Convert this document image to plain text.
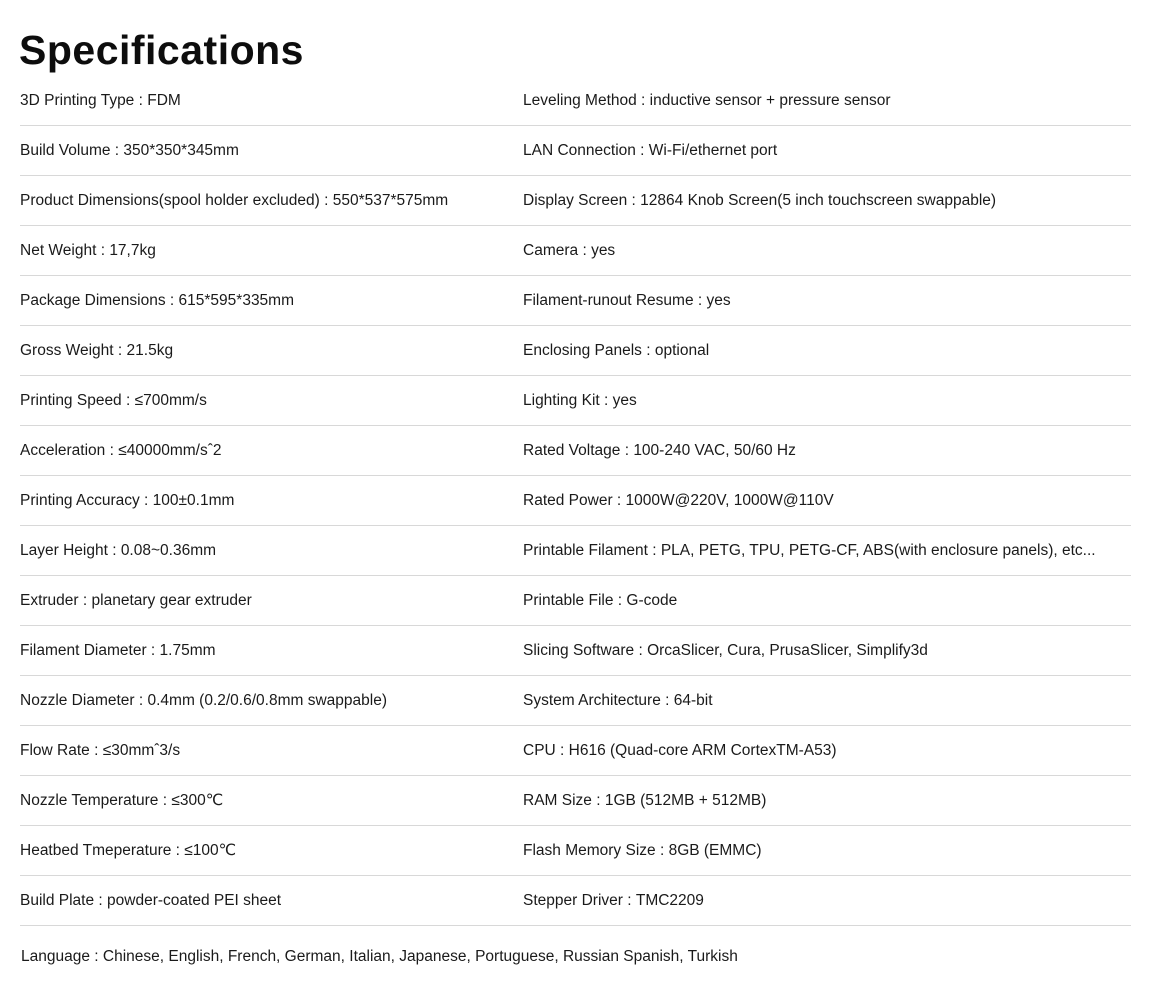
Specifications
3D Printing Type : FDM	Leveling Method : inductive sensor + pressure sensor
Build Volume : 350*350*345mm	LAN Connection : Wi-Fi/ethernet port
Product Dimensions(spool holder excluded) : 550*537*575mm	Display Screen : 12864 Knob Screen(5 inch touchscreen swappable)
Net Weight : 17,7kg	Camera : yes
Package Dimensions : 615*595*335mm	Filament-runout Resume : yes
Gross Weight : 21.5kg	Enclosing Panels : optional
Printing Speed : ≤700mm/s	Lighting Kit : yes
Acceleration : ≤40000mm/sˆ2	Rated Voltage : 100-240 VAC, 50/60 Hz
Printing Accuracy : 100±0.1mm	Rated Power : 1000W@220V, 1000W@110V
Layer Height : 0.08~0.36mm	Printable Filament : PLA, PETG, TPU, PETG-CF, ABS(with enclosure panels), etc...
Extruder : planetary gear extruder	Printable File : G-code
Filament Diameter : 1.75mm	Slicing Software : OrcaSlicer, Cura, PrusaSlicer, Simplify3d
Nozzle Diameter : 0.4mm (0.2/0.6/0.8mm swappable)	System Architecture : 64-bit
Flow Rate : ≤30mmˆ3/s	CPU : H616 (Quad-core ARM CortexTM-A53)
Nozzle Temperature : ≤300℃	RAM Size : 1GB (512MB + 512MB)
Heatbed Tmeperature : ≤100℃	Flash Memory Size : 8GB (EMMC)
Build Plate : powder-coated PEI sheet	Stepper Driver : TMC2209
Language : Chinese, English, French, German, Italian, Japanese, Portuguese, Russian Spanish, Turkish
